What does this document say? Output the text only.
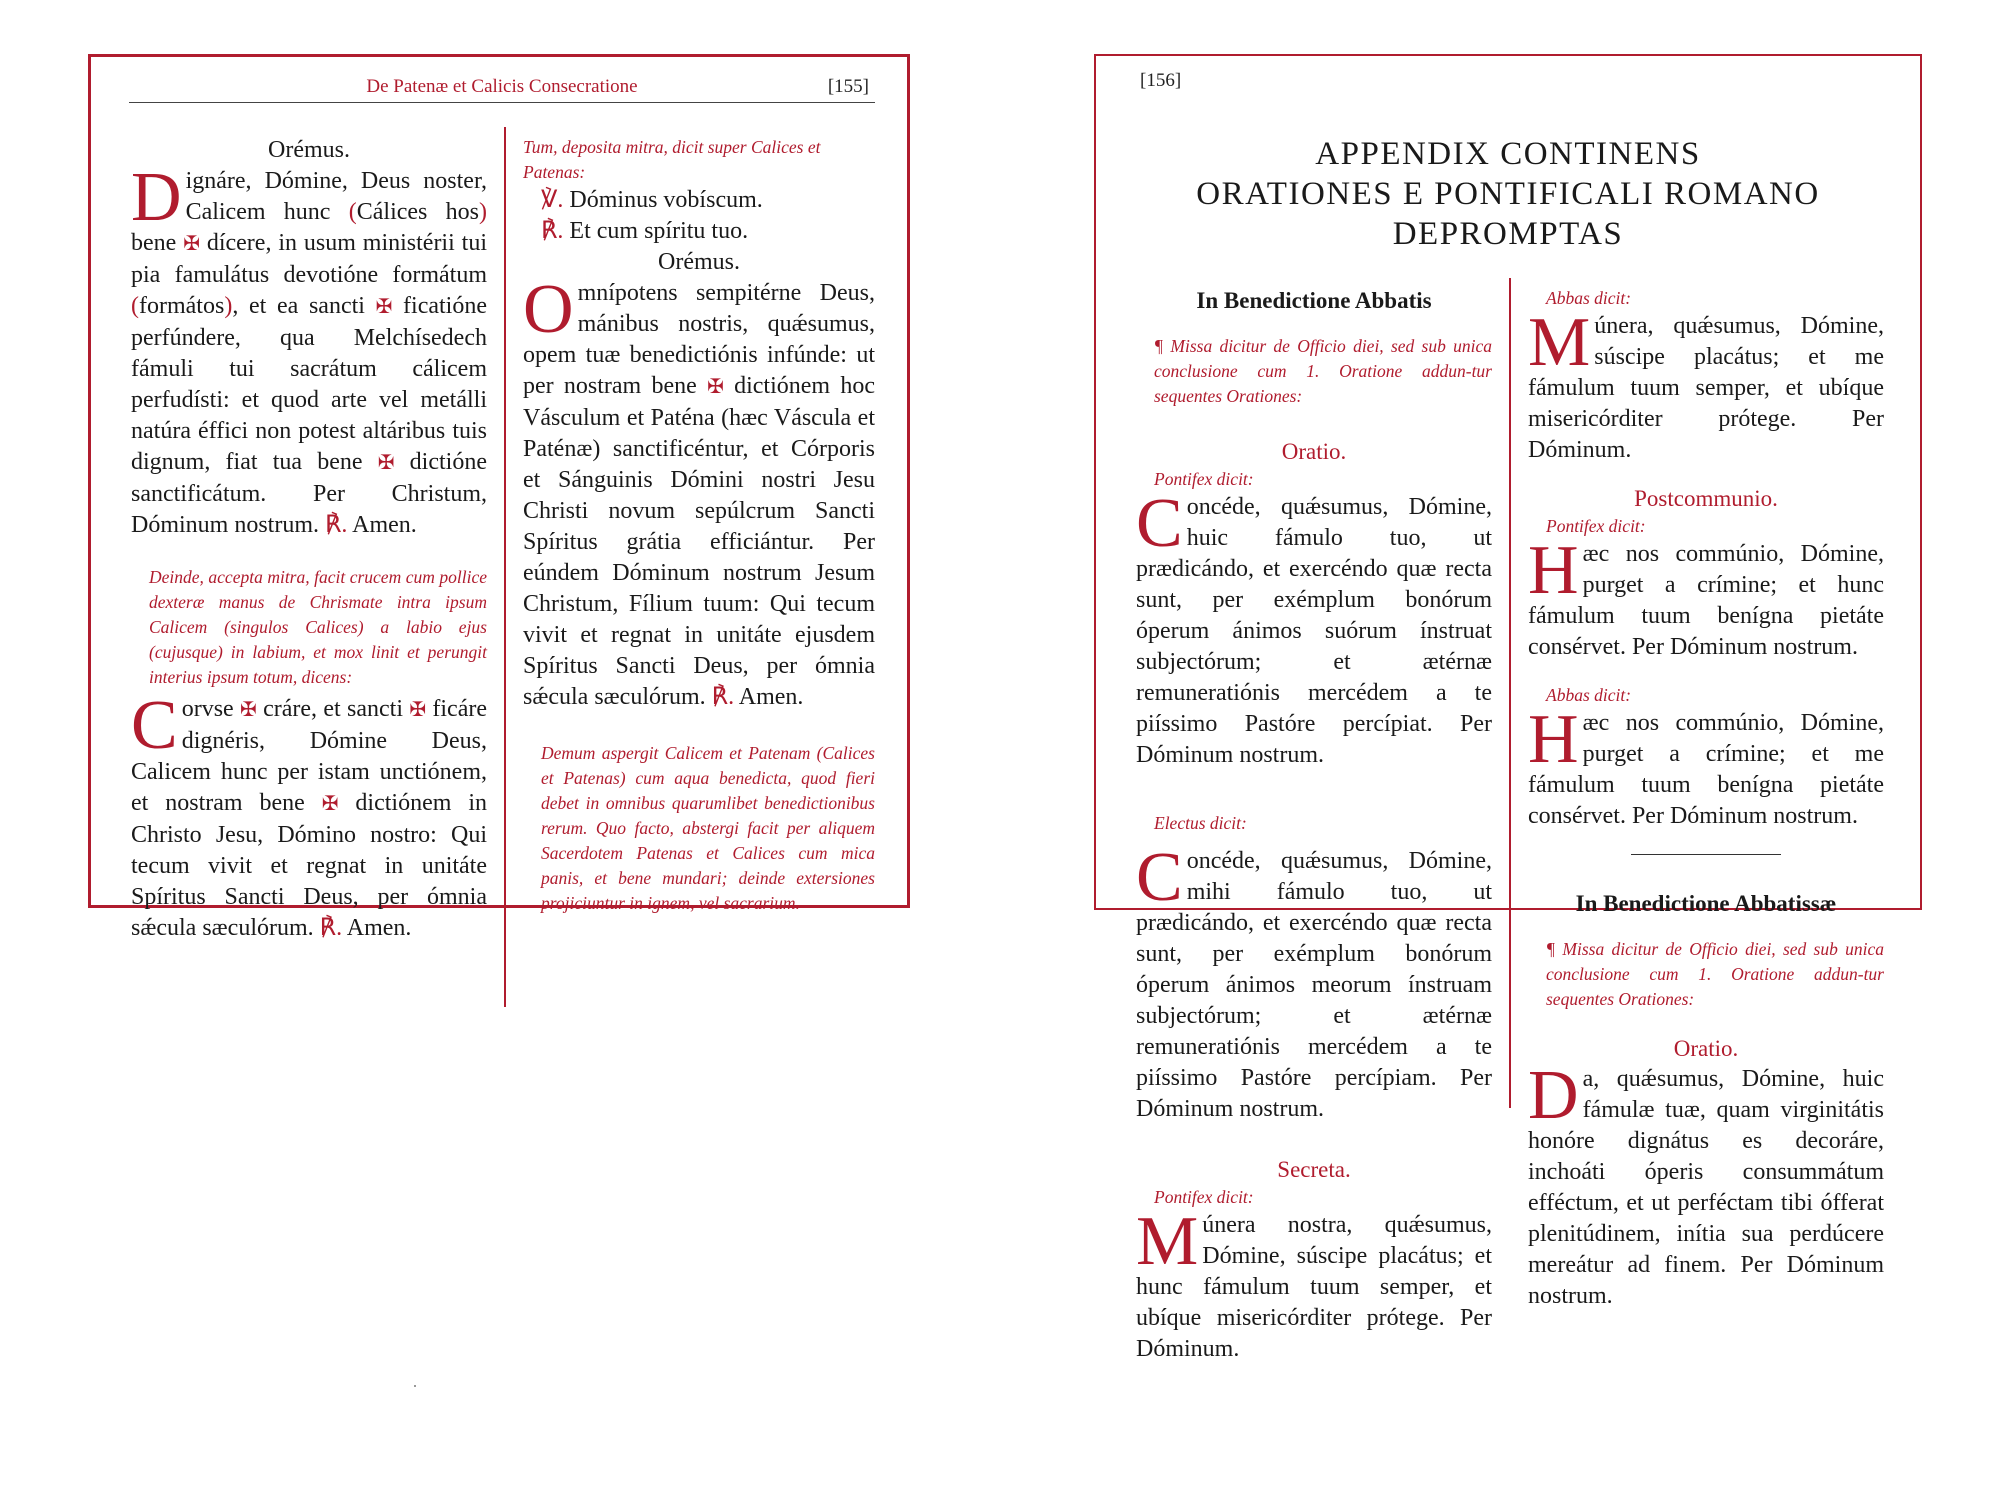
De Patenæ et Calicis Consecratione	[155]

Orémus.

Dignáre, Dómine, Deus noster, Calicem hunc (Cálices hos) bene ✠ dícere, in usum ministérii tui pia famulátus devotióne formátum (formátos), et ea sancti ✠ ficatióne perfúndere, qua Melchísedech fámuli tui sacrátum cálicem perfudísti: et quod arte vel metálli natúra éffici non potest altáribus tuis dignum, fiat tua bene ✠ dictióne sanctificátum. Per Christum, Dóminum nostrum. ℟. Amen.

Deinde, accepta mitra, facit crucem cum pollice dexteræ manus de Chrismate intra ipsum Calicem (singulos Calices) a labio ejus (cujusque) in labium, et mox linit et perungit interius ipsum totum, dicens:

Corvse ✠ cráre, et sancti ✠ ficáre dignéris, Dómine Deus, Calicem hunc per istam unctiónem, et nostram bene ✠ dictiónem in Christo Jesu, Dómino nostro: Qui tecum vivit et regnat in unitáte Spíritus Sancti Deus, per ómnia sǽcula sæculórum. ℟. Amen.

Tum, deposita mitra, dicit super Calices et Patenas:

℣. Dóminus vobíscum.

℟. Et cum spíritu tuo.

Orémus.

Omnípotens sempitérne Deus, mánibus nostris, quǽsumus, opem tuæ benedictiónis infúnde: ut per nostram bene ✠ dictiónem hoc Vásculum et Paténa (hæc Váscula et Paténæ) sanctificéntur, et Córporis et Sánguinis Dómini nostri Jesu Christi novum sepúlcrum Sancti Spíritus grátia efficiántur. Per eúndem Dóminum nostrum Jesum Christum, Fílium tuum: Qui tecum vivit et regnat in unitáte ejusdem Spíritus Sancti Deus, per ómnia sǽcula sæculórum. ℟. Amen.

Demum aspergit Calicem et Patenam (Calices et Patenas) cum aqua benedicta, quod fieri debet in omnibus quarumlibet benedictionibus rerum. Quo facto, abstergi facit per aliquem Sacerdotem Patenas et Calices cum mica panis, et bene mundari; deinde extersiones projiciuntur in ignem, vel sacrarium.

[156]
APPENDIX CONTINENS
ORATIONES E PONTIFICALI ROMANO
DEPROMPTAS

In Benedictione Abbatis

¶ Missa dicitur de Officio diei, sed sub unica conclusione cum 1. Oratione addun-tur sequentes Orationes:

Oratio.

Pontifex dicit:

Concéde, quǽsumus, Dómine, huic fámulo tuo, ut prædicándo, et exercéndo quæ recta sunt, per exémplum bonórum óperum ánimos suórum ínstruat subjectórum; et ætérnæ remuneratiónis mercédem a te piíssimo Pastóre percípiat. Per Dóminum nostrum.

Electus dicit:

Concéde, quǽsumus, Dómine, mihi fámulo tuo, ut prædicándo, et exercéndo quæ recta sunt, per exémplum bonórum óperum ánimos meorum ínstruam subjectórum; et ætérnæ remuneratiónis mercédem a te piíssimo Pastóre percípiam. Per Dóminum nostrum.

Secreta.

Pontifex dicit:

Múnera nostra, quǽsumus, Dómine, súscipe placátus; et hunc fámulum tuum semper, et ubíque misericórditer prótege. Per Dóminum.

Abbas dicit:

Múnera, quǽsumus, Dómine, súscipe placátus; et me fámulum tuum semper, et ubíque misericórditer prótege. Per Dóminum.

Postcommunio.

Pontifex dicit:

Hæc nos commúnio, Dómine, purget a crímine; et hunc fámulum tuum benígna pietáte consérvet. Per Dóminum nostrum.

Abbas dicit:

Hæc nos commúnio, Dómine, purget a crímine; et me fámulum tuum benígna pietáte consérvet. Per Dóminum nostrum.

In Benedictione Abbatissæ

¶ Missa dicitur de Officio diei, sed sub unica conclusione cum 1. Oratione addun-tur sequentes Orationes:

Oratio.

Da, quǽsumus, Dómine, huic fámulæ tuæ, quam virginitátis honóre dignátus es decoráre, inchoáti óperis consummátum efféctum, et ut perféctam tibi ófferat plenitúdinem, inítia sua perdúcere mereátur ad finem. Per Dóminum nostrum.
